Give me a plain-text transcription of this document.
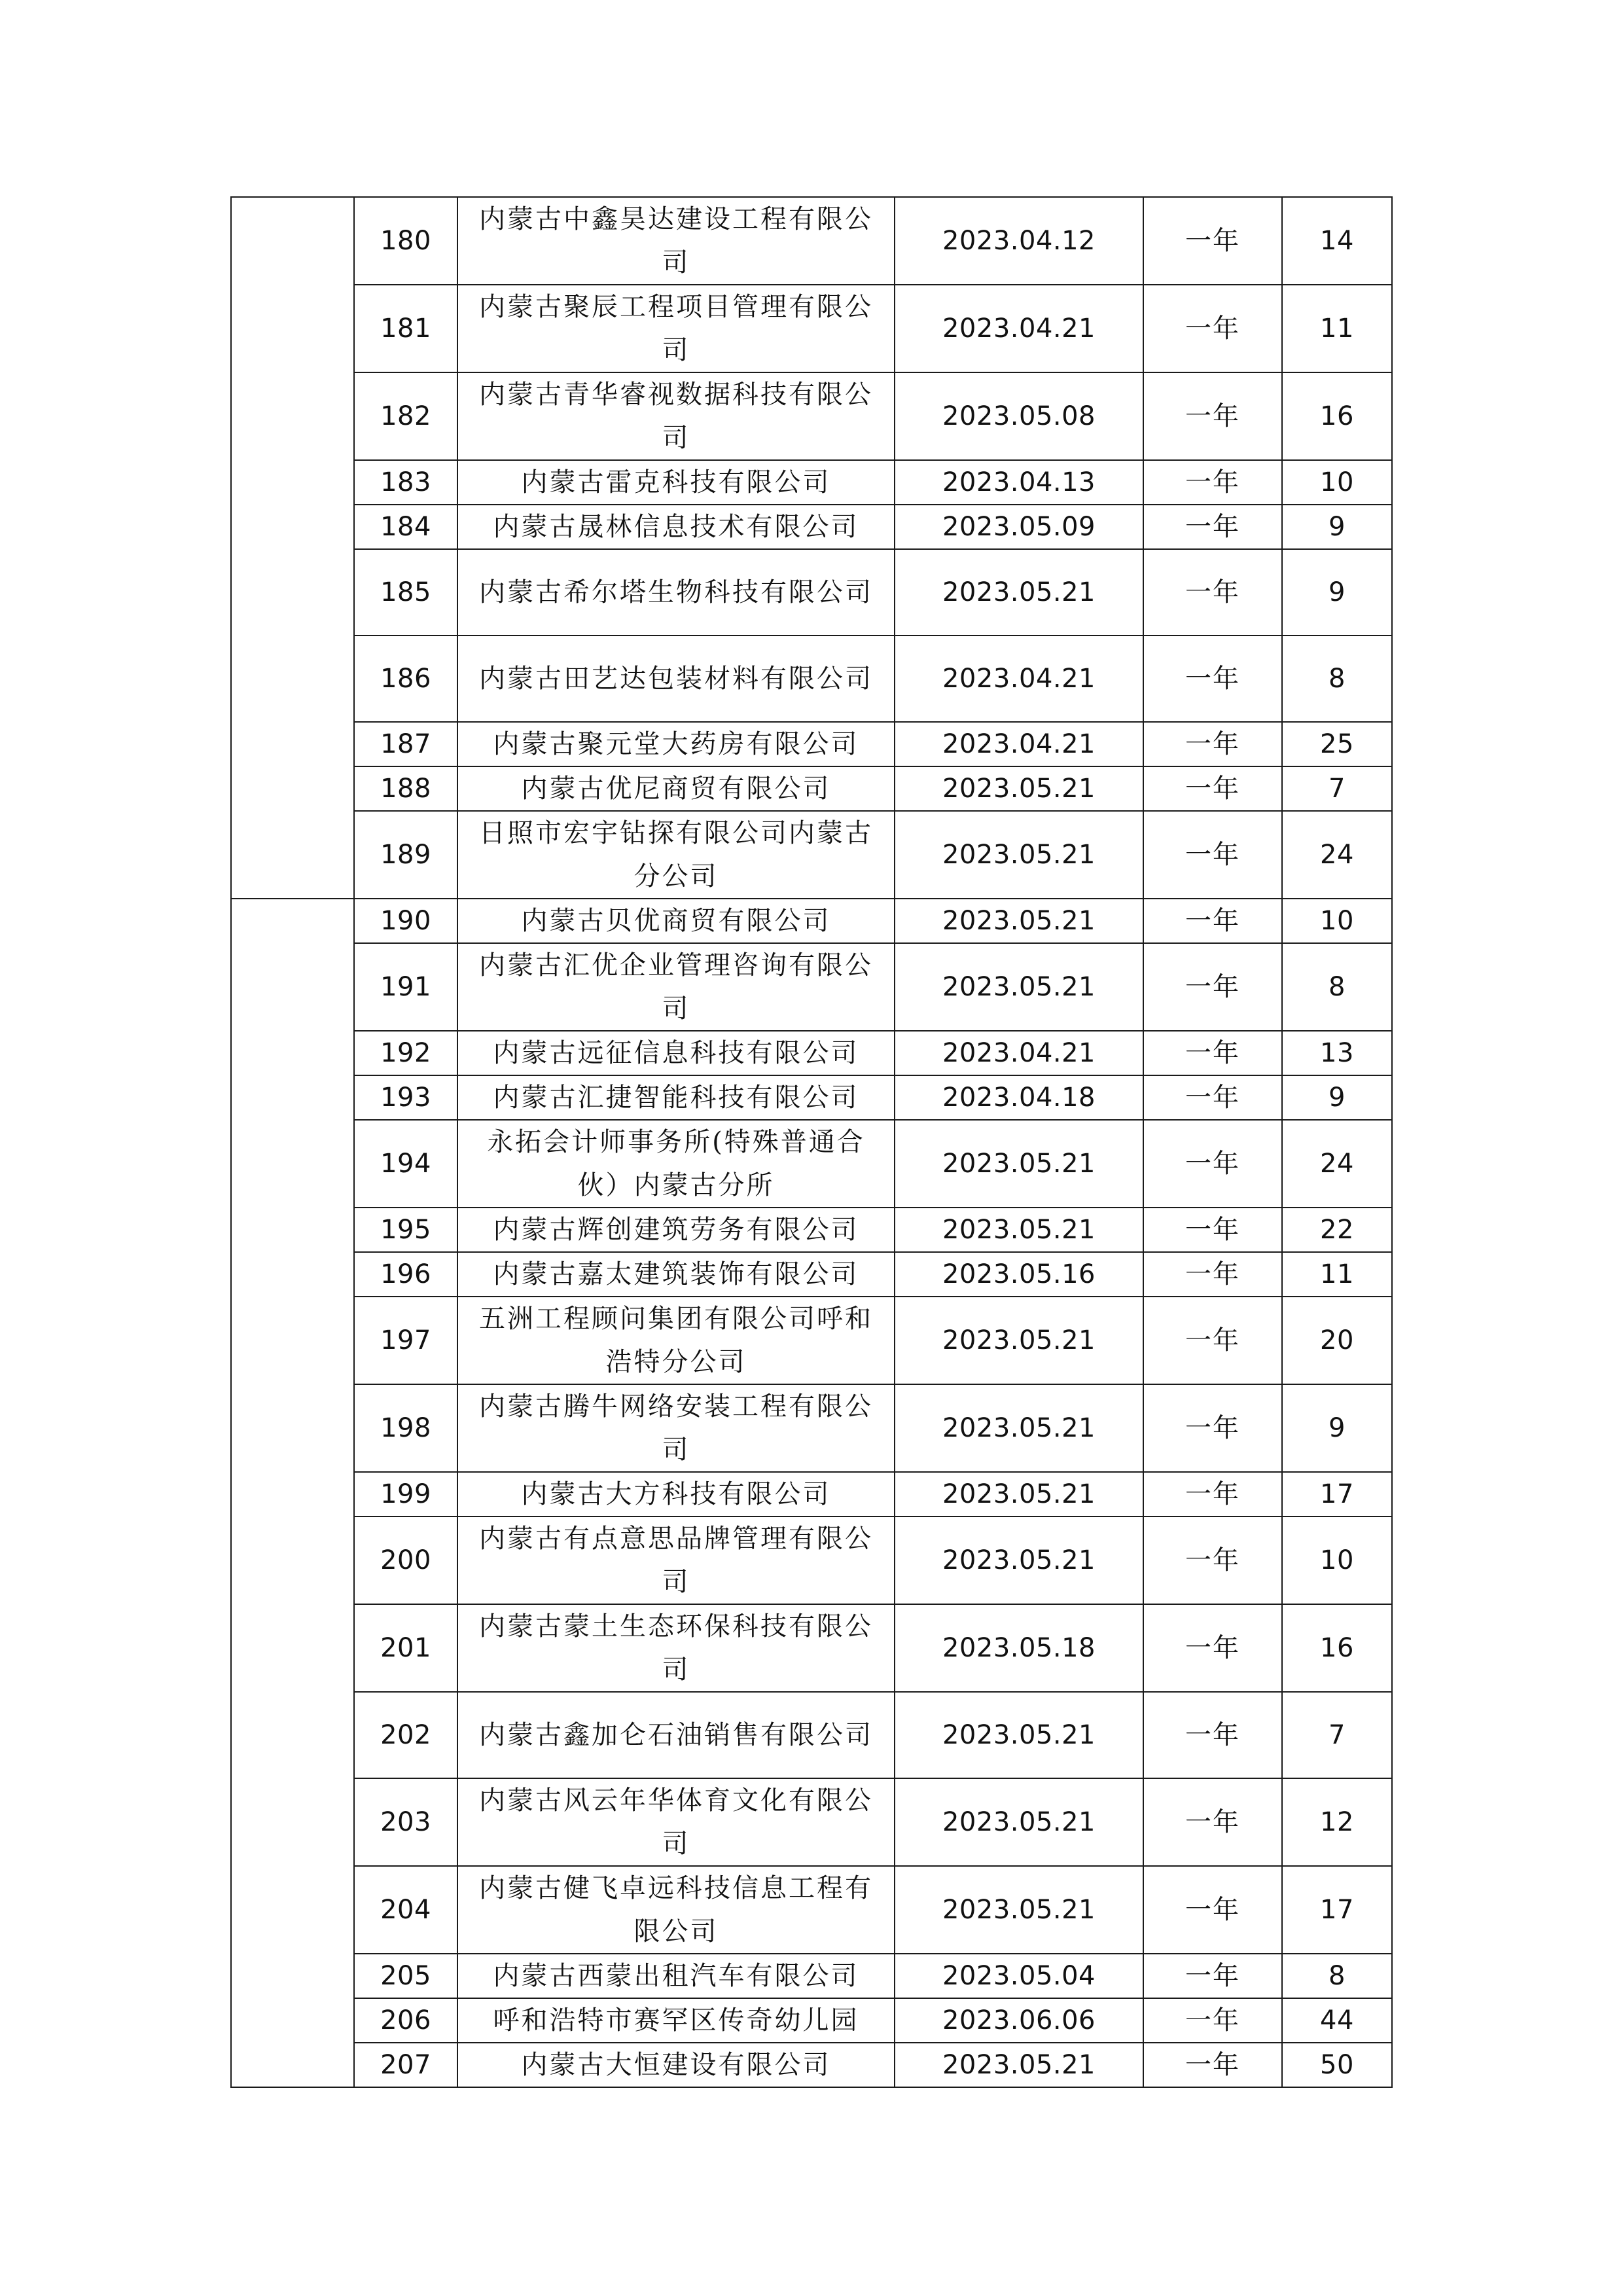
	180	内蒙古中鑫昊达建设工程有限公司	2023.04.12	一年	14
	181	内蒙古聚辰工程项目管理有限公司	2023.04.21	一年	11
	182	内蒙古青华睿视数据科技有限公司	2023.05.08	一年	16
	183	内蒙古雷克科技有限公司	2023.04.13	一年	10
	184	内蒙古晟林信息技术有限公司	2023.05.09	一年	9
	185	内蒙古希尔塔生物科技有限公司	2023.05.21	一年	9
	186	内蒙古田艺达包装材料有限公司	2023.04.21	一年	8
	187	内蒙古聚元堂大药房有限公司	2023.04.21	一年	25
	188	内蒙古优尼商贸有限公司	2023.05.21	一年	7
	189	日照市宏宇钻探有限公司内蒙古分公司	2023.05.21	一年	24
	190	内蒙古贝优商贸有限公司	2023.05.21	一年	10
	191	内蒙古汇优企业管理咨询有限公司	2023.05.21	一年	8
	192	内蒙古远征信息科技有限公司	2023.04.21	一年	13
	193	内蒙古汇捷智能科技有限公司	2023.04.18	一年	9
	194	永拓会计师事务所(特殊普通合伙）内蒙古分所	2023.05.21	一年	24
	195	内蒙古辉创建筑劳务有限公司	2023.05.21	一年	22
	196	内蒙古嘉太建筑装饰有限公司	2023.05.16	一年	11
	197	五洲工程顾问集团有限公司呼和浩特分公司	2023.05.21	一年	20
	198	内蒙古腾牛网络安装工程有限公司	2023.05.21	一年	9
	199	内蒙古大方科技有限公司	2023.05.21	一年	17
	200	内蒙古有点意思品牌管理有限公司	2023.05.21	一年	10
	201	内蒙古蒙土生态环保科技有限公司	2023.05.18	一年	16
	202	内蒙古鑫加仑石油销售有限公司	2023.05.21	一年	7
	203	内蒙古风云年华体育文化有限公司	2023.05.21	一年	12
	204	内蒙古健飞卓远科技信息工程有限公司	2023.05.21	一年	17
	205	内蒙古西蒙出租汽车有限公司	2023.05.04	一年	8
	206	呼和浩特市赛罕区传奇幼儿园	2023.06.06	一年	44
	207	内蒙古大恒建设有限公司	2023.05.21	一年	50
